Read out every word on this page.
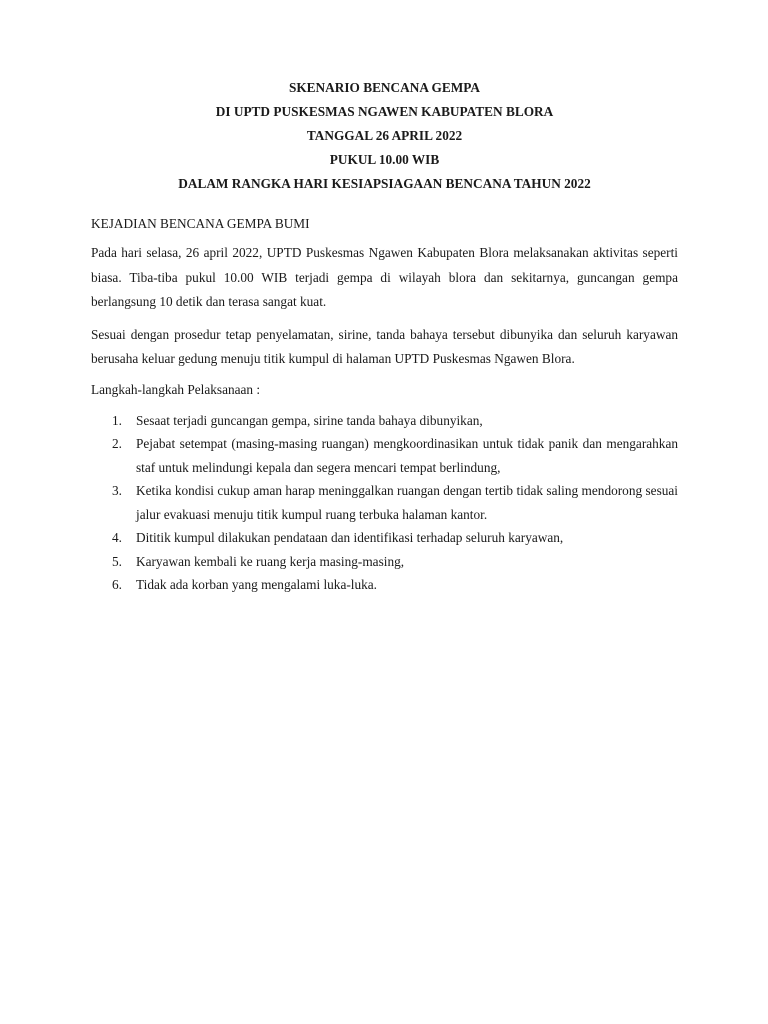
SKENARIO BENCANA GEMPA
DI UPTD PUSKESMAS NGAWEN KABUPATEN BLORA
TANGGAL 26 APRIL 2022
PUKUL 10.00 WIB
DALAM RANGKA HARI KESIAPSIAGAAN BENCANA TAHUN 2022
KEJADIAN BENCANA GEMPA BUMI

Pada hari selasa, 26 april 2022, UPTD Puskesmas Ngawen Kabupaten Blora melaksanakan aktivitas seperti biasa. Tiba-tiba pukul 10.00 WIB terjadi gempa di wilayah blora dan sekitarnya, guncangan gempa berlangsung 10 detik dan terasa sangat kuat.

Sesuai dengan prosedur tetap penyelamatan, sirine, tanda bahaya tersebut dibunyika dan seluruh karyawan berusaha keluar gedung menuju titik kumpul di halaman UPTD Puskesmas Ngawen Blora.

Langkah-langkah Pelaksanaan :
1. Sesaat terjadi guncangan gempa, sirine tanda bahaya dibunyikan,
2. Pejabat setempat (masing-masing ruangan) mengkoordinasikan untuk tidak panik dan mengarahkan staf untuk melindungi kepala dan segera mencari tempat berlindung,
3. Ketika kondisi cukup aman harap meninggalkan ruangan dengan tertib tidak saling mendorong sesuai jalur evakuasi menuju titik kumpul ruang terbuka halaman kantor.
4. Dititik kumpul dilakukan pendataan dan identifikasi terhadap seluruh karyawan,
5. Karyawan kembali ke ruang kerja masing-masing,
6. Tidak ada korban yang mengalami luka-luka.
